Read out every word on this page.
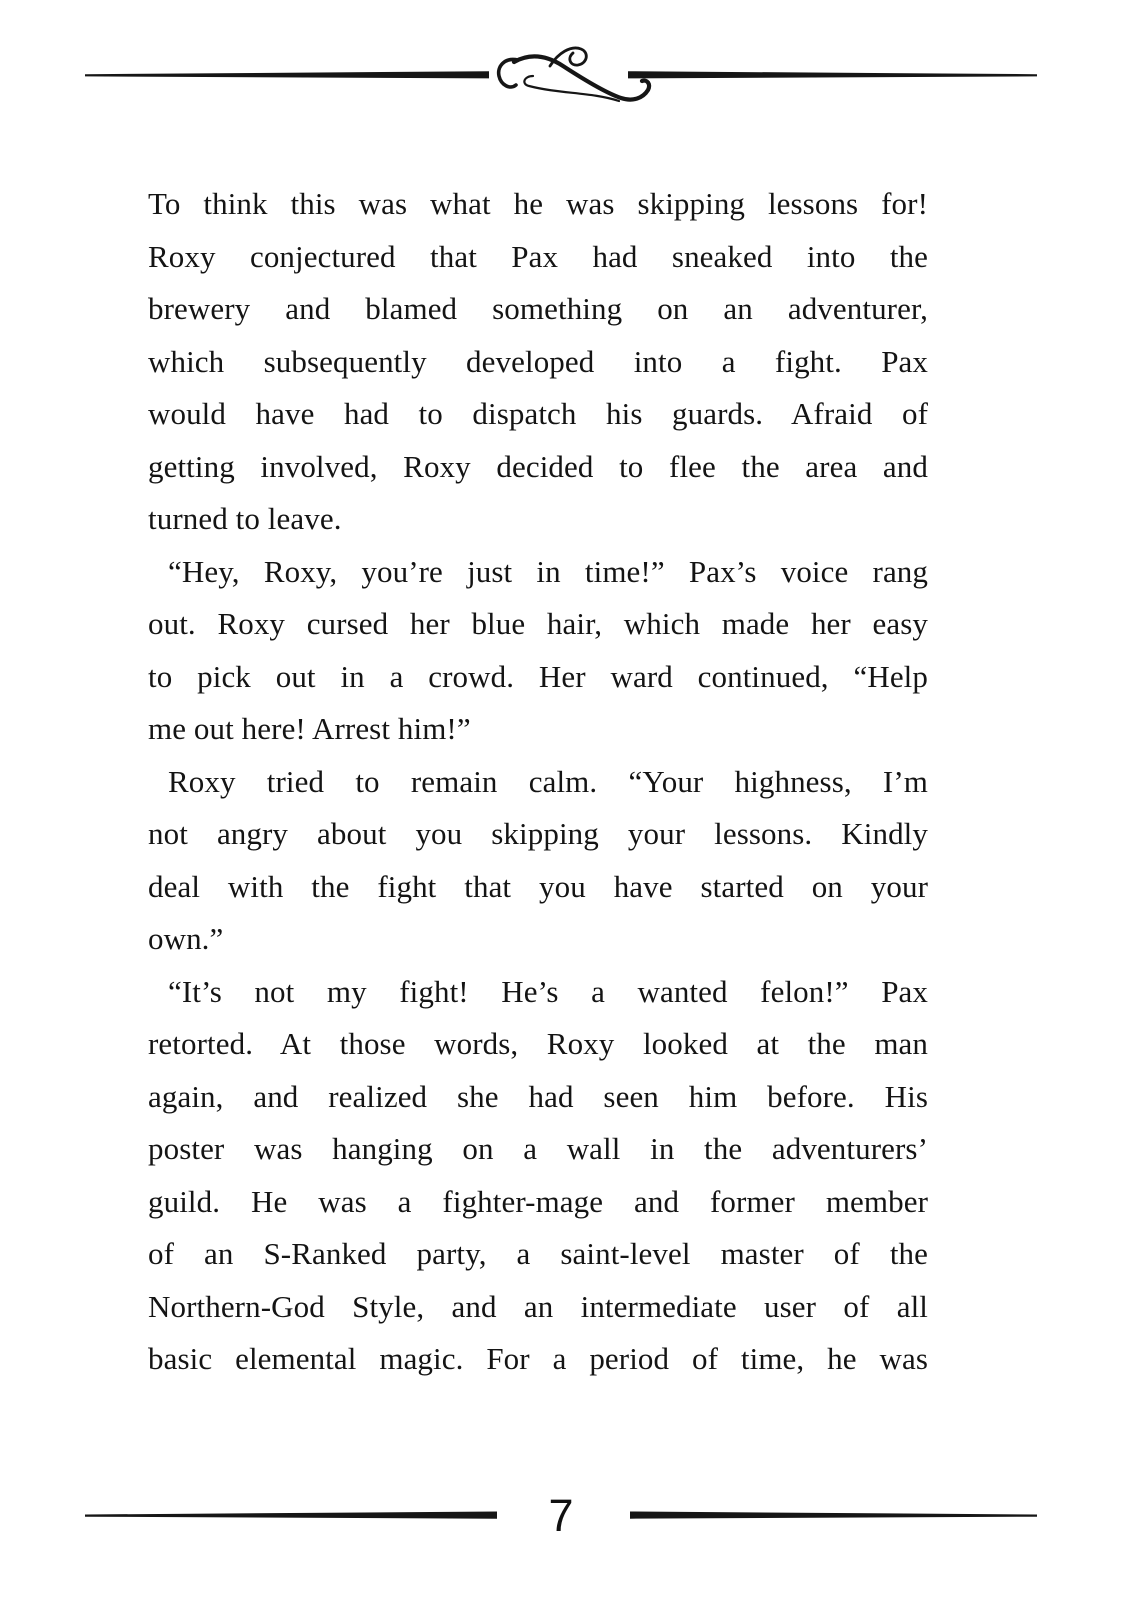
To think this was what he was skipping lessons for!
Roxy conjectured that Pax had sneaked into the
brewery and blamed something on an adventurer,
which subsequently developed into a fight. Pax
would have had to dispatch his guards. Afraid of
getting involved, Roxy decided to flee the area and
turned to leave.
“Hey, Roxy, you’re just in time!” Pax’s voice rang
out. Roxy cursed her blue hair, which made her easy
to pick out in a crowd. Her ward continued, “Help
me out here! Arrest him!”
Roxy tried to remain calm. “Your highness, I’m
not angry about you skipping your lessons. Kindly
deal with the fight that you have started on your
own.”
“It’s not my fight! He’s a wanted felon!” Pax
retorted. At those words, Roxy looked at the man
again, and realized she had seen him before. His
poster was hanging on a wall in the adventurers’
guild. He was a fighter-mage and former member
of an S-Ranked party, a saint-level master of the
Northern-God Style, and an intermediate user of all
basic elemental magic. For a period of time, he was
7
